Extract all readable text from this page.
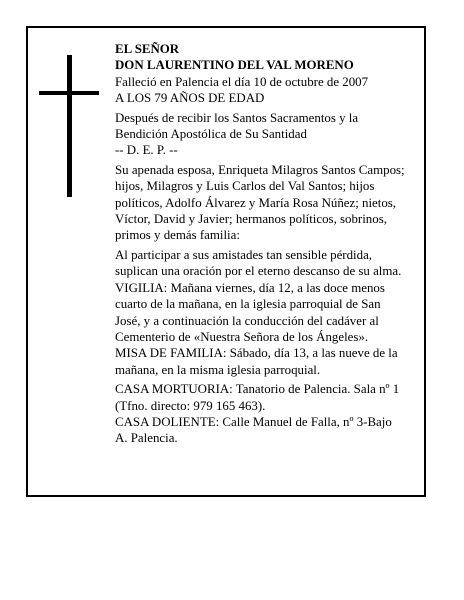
EL SEÑOR
DON LAURENTINO DEL VAL MORENO
Falleció en Palencia el día 10 de octubre de 2007
A LOS 79 AÑOS DE EDAD
Después de recibir los Santos Sacramentos y la
Bendición Apostólica de Su Santidad
-- D. E. P. --
Su apenada esposa, Enriqueta Milagros Santos Campos;
hijos, Milagros y Luis Carlos del Val Santos; hijos
políticos, Adolfo Álvarez y María Rosa Núñez; nietos,
Víctor, David y Javier; hermanos políticos, sobrinos,
primos y demás familia:
Al participar a sus amistades tan sensible pérdida,
suplican una oración por el eterno descanso de su alma.
VIGILIA: Mañana viernes, día 12, a las doce menos
cuarto de la mañana, en la iglesia parroquial de San
José, y a continuación la conducción del cadáver al
Cementerio de «Nuestra Señora de los Ángeles».
MISA DE FAMILIA: Sábado, día 13, a las nueve de la
mañana, en la misma iglesia parroquial.
CASA MORTUORIA: Tanatorio de Palencia. Sala nº 1
(Tfno. directo: 979 165 463).
CASA DOLIENTE: Calle Manuel de Falla, nº 3-Bajo
A. Palencia.
